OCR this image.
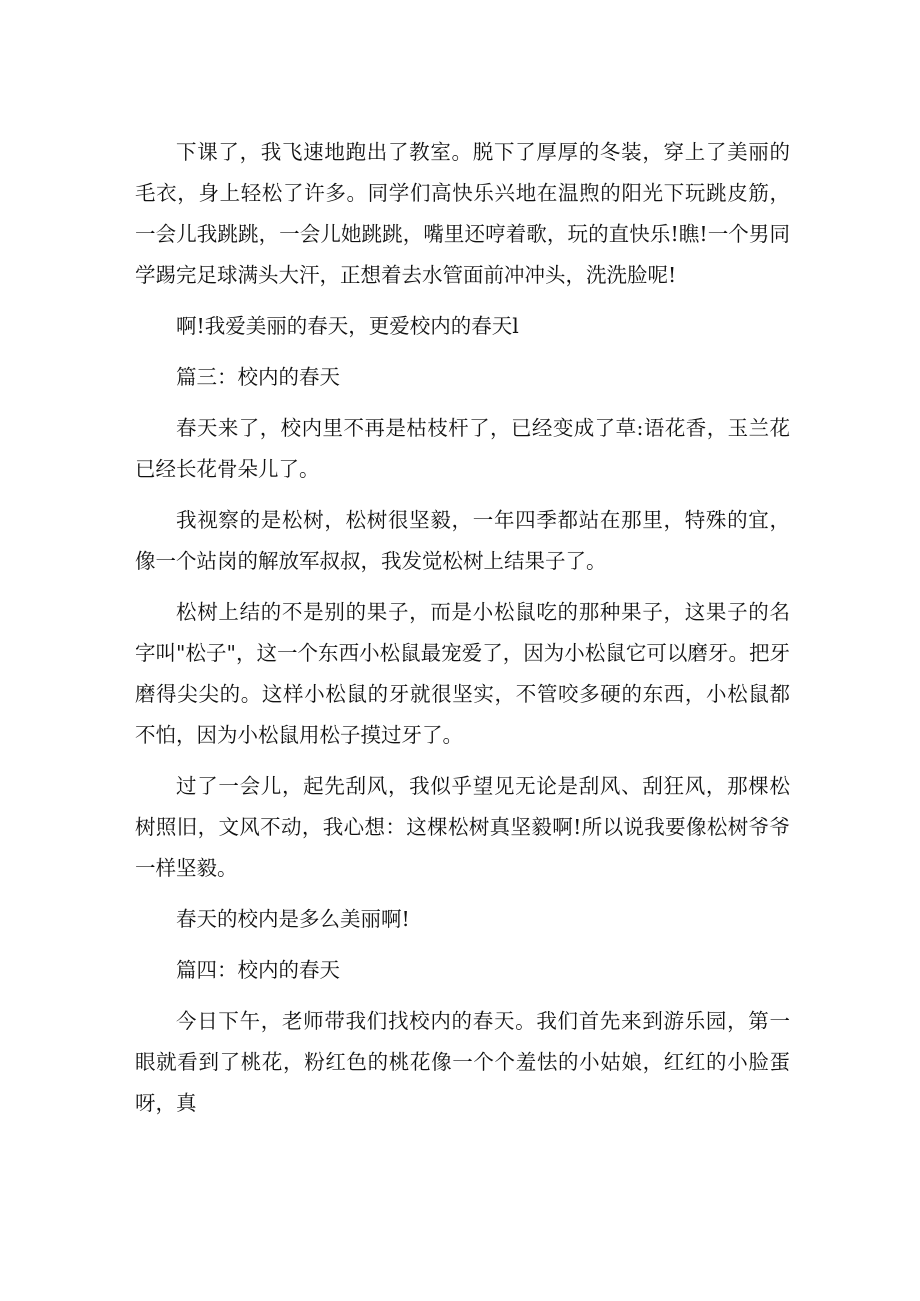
下课了，我飞速地跑出了教室。脱下了厚厚的冬装，穿上了美丽的毛衣，身上轻松了许多。同学们高快乐兴地在温煦的阳光下玩跳皮筋，一会儿我跳跳，一会儿她跳跳，嘴里还哼着歌，玩的直快乐!瞧!一个男同学踢完足球满头大汗，正想着去水管面前冲冲头，洗洗脸呢!

啊!我爱美丽的春天，更爱校内的春天l

篇三：校内的春天

春天来了，校内里不再是枯枝杆了，已经变成了草:语花香，玉兰花已经长花骨朵儿了。

我视察的是松树，松树很坚毅，一年四季都站在那里，特殊的宜，像一个站岗的解放军叔叔，我发觉松树上结果子了。

松树上结的不是别的果子，而是小松鼠吃的那种果子，这果子的名字叫"松子"，这一个东西小松鼠最宠爱了，因为小松鼠它可以磨牙。把牙磨得尖尖的。这样小松鼠的牙就很坚实，不管咬多硬的东西，小松鼠都不怕，因为小松鼠用松子摸过牙了。

过了一会儿，起先刮风，我似乎望见无论是刮风、刮狂风，那棵松树照旧，文风不动，我心想：这棵松树真坚毅啊!所以说我要像松树爷爷一样坚毅。

春天的校内是多么美丽啊!

篇四：校内的春天

今日下午，老师带我们找校内的春天。我们首先来到游乐园，第一眼就看到了桃花，粉红色的桃花像一个个羞怯的小姑娘，红红的小脸蛋呀，真
